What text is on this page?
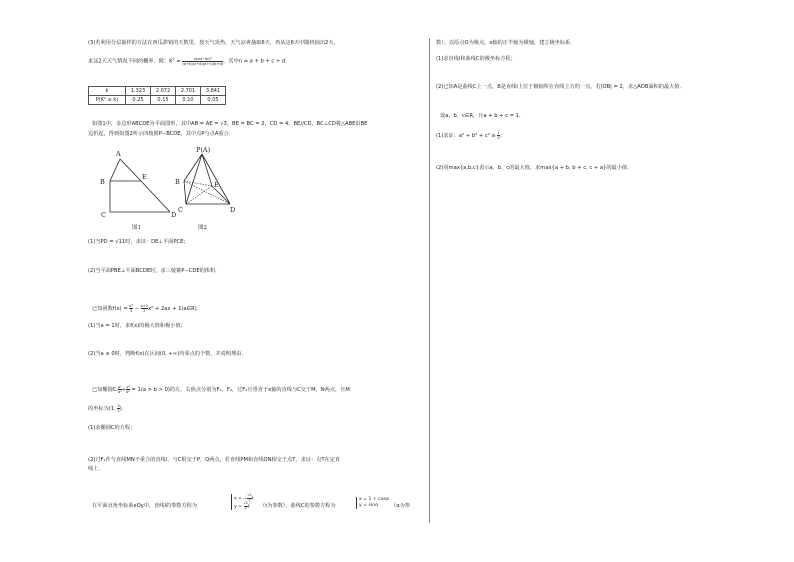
(3)若利用分层抽样的方法在西瓜滞销的天数里，按天气炎热、天气凉爽抽取6天，再从这6天中随机抽出2天，
求这2天天气情况不同的概率．附：$K^2 = \frac{\text{n(ad−bc)²}}{(a+b)(c+d)(a+c)(b+d)}$ ，其中n = a + b + c + d．
k	1.323	2.072	2.701	3.841
P(K² ≥ k)	0.25	0.15	0.10	0.05
如图1中，多边形ABCDE为平面图形，其中AB = AE = √3，BE = BC = 2，CD = 4，BE//CD，BC⊥CD将△ABE沿BE
边折起，得到如图2所示四棱锥P−BCDE，其中点P与点A重合．
A
B
C	D
E
图1
P(A)
B
C	D
E
图2
(1)当PD = √11时，求证：DE⊥平面PCE；
(2)当平面PBE⊥平面BCDE时，求三棱锥P−CDE的体积．
已知函数$f(x) = \frac{\text{x³}}{3} - \frac{a+2}{2} x^2 + 2ax$ + 1(a∈R)．
(1)当a = 1时，求f(x)的极大值和极小值；
(2)当a ≤ 0时，判断f(x)在区间(0, +∞)内零点的个数，并说明理由．
已知椭圆C: $\frac{\text{x²}}{\text{a²}} + \frac{\text{y²}}{\text{b²}} = 1(a > b > 0)$的左、右焦点分别为F₁，F₂，过F₂且垂直于x轴的直线与C交于M，N两点，且M
的坐标为(1, $\frac{3}{2}$ )．
(1)求椭圆C的方程；
(2)过F₁作与直线MN不重合的直线l，与C相交于P，Q两点，若直线PM和直线QN相交于点T，求证：点T在定直
线上．
在平面直角坐标系xOy中，直线l的参数方程为
x = − $\frac{√2}{2}$ t
$y = \frac{√2}{2}$ t	（t为参数），曲线C的参数方程为
x = 1 + cosα
y = sinα	（α为参
数），以原点O为极点，x轴的正半轴为极轴，建立极坐标系．
(1)求直线l和曲线C的极坐标方程；
(2)已知A是曲线C上一点，B是直线l上位于极轴所在直线上方的一点，若|OB| = 2，求△AOB面积的最大值．
设a，b，c∈R，且a + b + c = 1．
(1)求证：$a^2 + b^2 + c^2 \ge \frac{1}{3}$ ；
(2)用max{a,b,c}表示a，b，c的最大值，求max{a + b, b + c, c + a}的最小值．
